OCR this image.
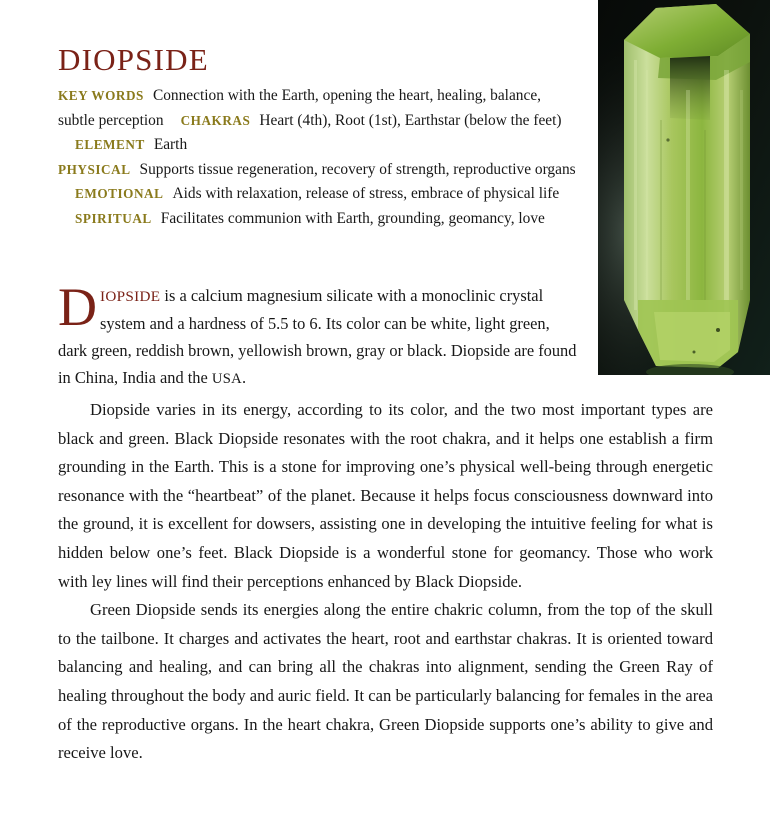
DIOPSIDE
KEY WORDS Connection with the Earth, opening the heart, healing, balance, subtle perception CHAKRAS Heart (4th), Root (1st), Earthstar (below the feet)ELEMENT Earth
PHYSICAL Supports tissue regeneration, recovery of strength, reproductive organsEMOTIONAL Aids with relaxation, release of stress, embrace of physical lifeSPIRITUAL Facilitates communion with Earth, grounding, geomancy, love
DIOPSIDE is a calcium magnesium silicate with a monoclinic crystal system and a hardness of 5.5 to 6. Its color can be white, light green, dark green, reddish brown, yellowish brown, gray or black. Diopside are found in China, India and the USA.

Diopside varies in its energy, according to its color, and the two most important types are black and green. Black Diopside resonates with the root chakra, and it helps one establish a firm grounding in the Earth. This is a stone for improving one’s physical well-being through energetic resonance with the “heartbeat” of the planet. Because it helps focus consciousness downward into the ground, it is excellent for dowsers, assisting one in developing the intuitive feeling for what is hidden below one’s feet. Black Diopside is a wonderful stone for geomancy. Those who work with ley lines will find their perceptions enhanced by Black Diopside.

Green Diopside sends its energies along the entire chakric column, from the top of the skull to the tailbone. It charges and activates the heart, root and earthstar chakras. It is oriented toward balancing and healing, and can bring all the chakras into alignment, sending the Green Ray of healing throughout the body and auric field. It can be particularly balancing for females in the area of the reproductive organs. In the heart chakra, Green Diopside supports one’s ability to give and receive love.
